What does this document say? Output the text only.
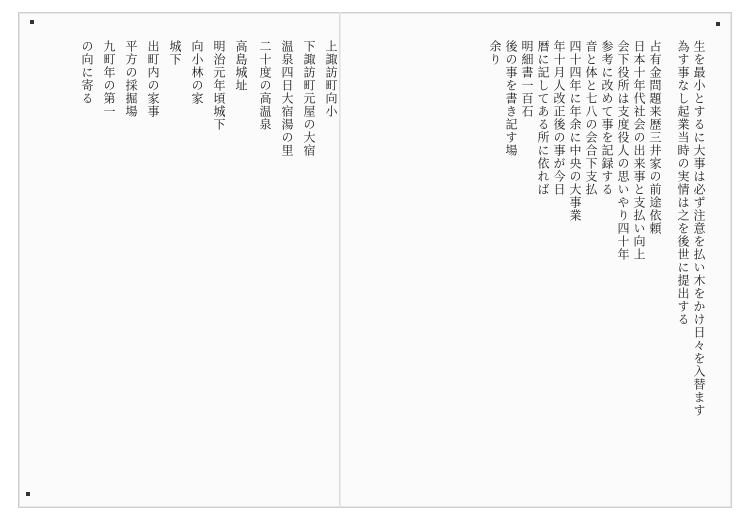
生を最小とするに大事は必ず注意を払い木をかけ日々を入替ます
為す事なし起業当時の実情は之を後世に提出する
占有金問題来歴三井家の前途依頼
日本十年代社会の出来事と支払い向上
会下役所は支度役人の思いやり四十年
参考に改めて事を記録する
音と体と七八の会合下支払
四十四年に年余に中央の大事業
年十月人改正後の事が今日
暦に記してある所に依れば
明細書一百石
後の事を書き記す場
余り
上諏訪町向小
下諏訪町元屋の大宿
温泉四日大宿湯の里
二十度の高温泉
高島城址
明治元年頃城下
向小林の家
城下
出町内の家事
平方の採掘場
九町年の第一
の向に寄る
